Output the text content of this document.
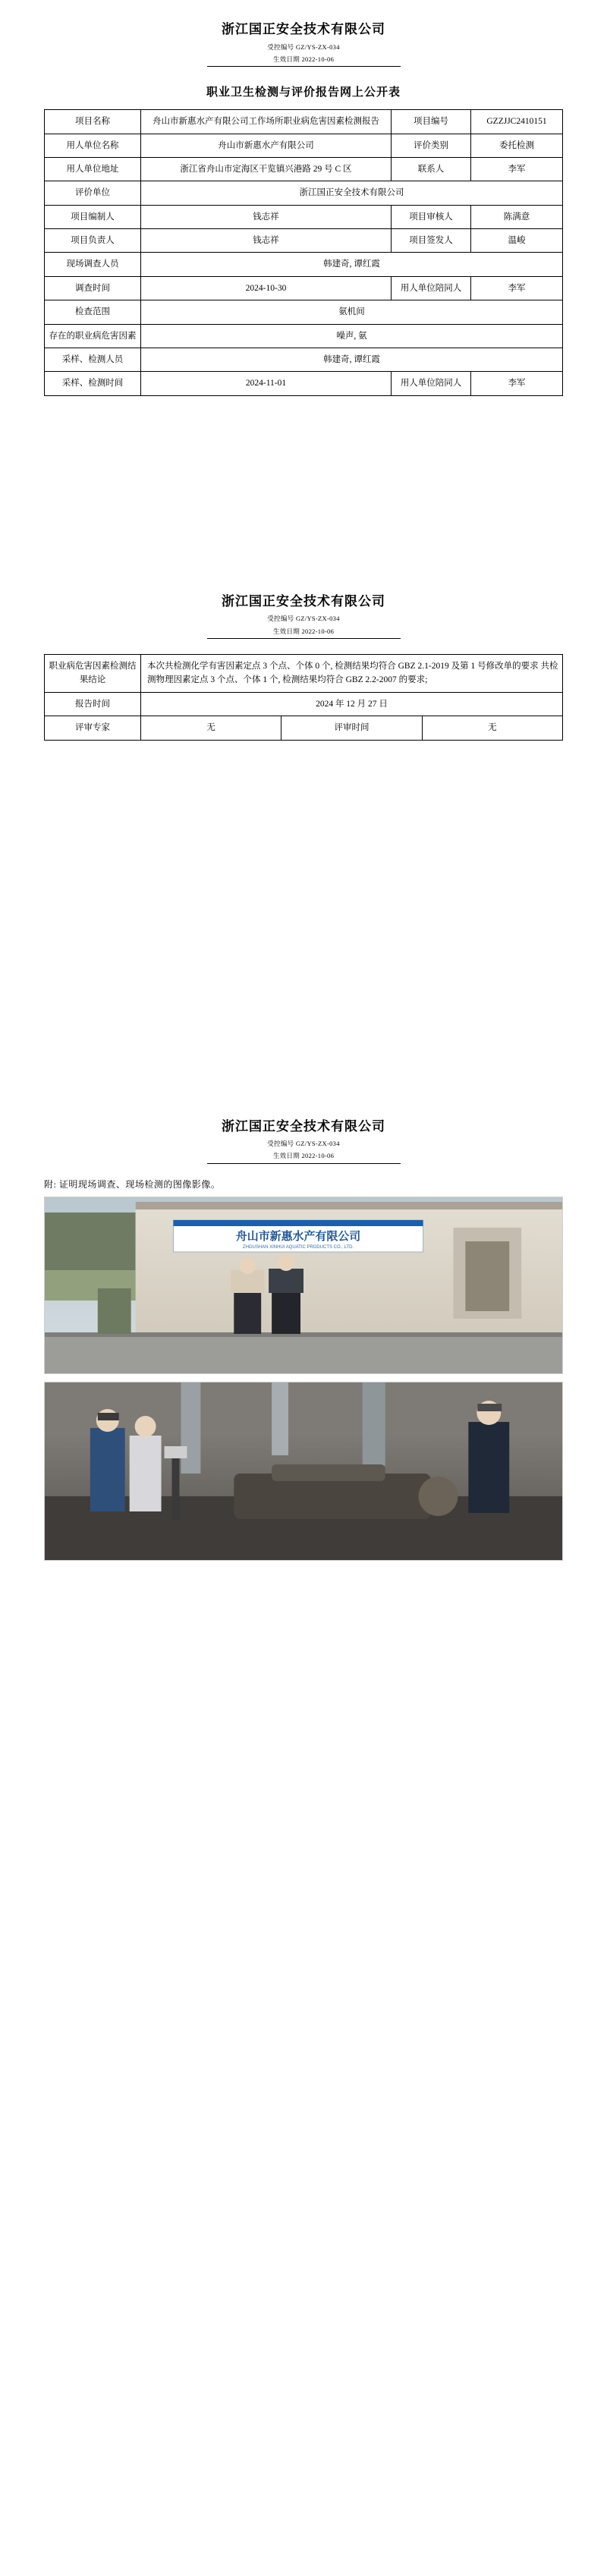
浙江国正安全技术有限公司
受控编号 GZ/YS-ZX-034
生效日期 2022-10-06
职业卫生检测与评价报告网上公开表
项目名称	舟山市新惠水产有限公司工作场所职业病危害因素检测报告	项目编号	GZZJJC2410151
用人单位名称	舟山市新惠水产有限公司	评价类别	委托检测
用人单位地址	浙江省舟山市定海区干览镇兴港路 29 号 C 区	联系人	李军
评价单位	浙江国正安全技术有限公司		
项目编制人	钱志祥	项目审核人	陈满意
项目负责人	钱志祥	项目签发人	温峻
现场调查人员	韩建奇, 谭红霞		
调查时间	2024-10-30	用人单位陪同人	李军
检查范围	氨机间		
存在的职业病危害因素	噪声, 氨		
采样、检测人员	韩建奇, 谭红霞		
采样、检测时间	2024-11-01	用人单位陪同人	李军
浙江国正安全技术有限公司
受控编号 GZ/YS-ZX-034
生效日期 2022-10-06
职业病危害因素检测结果结论	本次共检测化学有害因素定点 3 个点、个体 0 个, 检测结果均符合 GBZ 2.1-2019 及第 1 号修改单的要求 共检测物理因素定点 3 个点、个体 1 个, 检测结果均符合 GBZ 2.2-2007 的要求;		
报告时间	2024 年 12 月 27 日		
评审专家	无	评审时间	无
浙江国正安全技术有限公司
受控编号 GZ/YS-ZX-034
生效日期 2022-10-06
附: 证明现场调查、现场检测的图像影像。
舟山市新惠水产有限公司
ZHOUSHAN XINHUI AQUATIC PRODUCTS CO., LTD.
